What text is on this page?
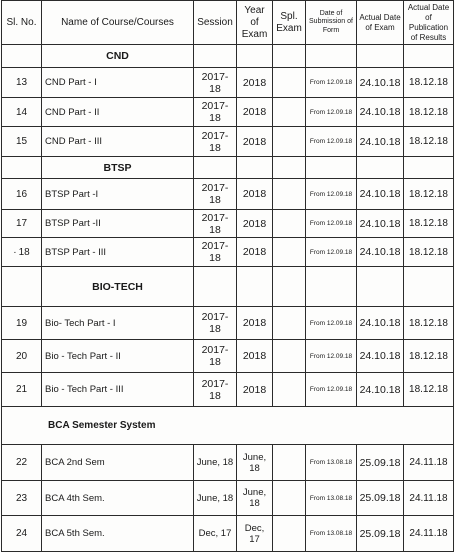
Sl. No.	Name of Course/Courses	Session	Year of Exam	Spl. Exam	Date of Submission of Form	Actual Date of Exam	Actual Date of Publication of Results
	CND						
13	CND Part - I	2017-18	2018		From 12.09.18	24.10.18	18.12.18
14	CND Part - II	2017-18	2018		From 12.09.18	24.10.18	18.12.18
15	CND Part - III	2017-18	2018		From 12.09.18	24.10.18	18.12.18
	BTSP						
16	BTSP Part -I	2017-18	2018		From 12.09.18	24.10.18	18.12.18
17	BTSP Part -II	2017-18	2018		From 12.09.18	24.10.18	18.12.18
· 18	BTSP Part - III	2017-18	2018		From 12.09.18	24.10.18	18.12.18
	BIO-TECH						
19	Bio- Tech Part - I	2017-18	2018		From 12.09.18	24.10.18	18.12.18
20	Bio - Tech Part - II	2017-18	2018		From 12.09.18	24.10.18	18.12.18
21	Bio - Tech Part - III	2017-18	2018		From 12.09.18	24.10.18	18.12.18
BCA Semester System							
22	BCA 2nd Sem	June, 18	June, 18		From 13.08.18	25.09.18	24.11.18
23	BCA 4th Sem.	June, 18	June, 18		From 13.08.18	25.09.18	24.11.18
24	BCA 5th Sem.	Dec, 17	Dec, 17		From 13.08.18	25.09.18	24.11.18
